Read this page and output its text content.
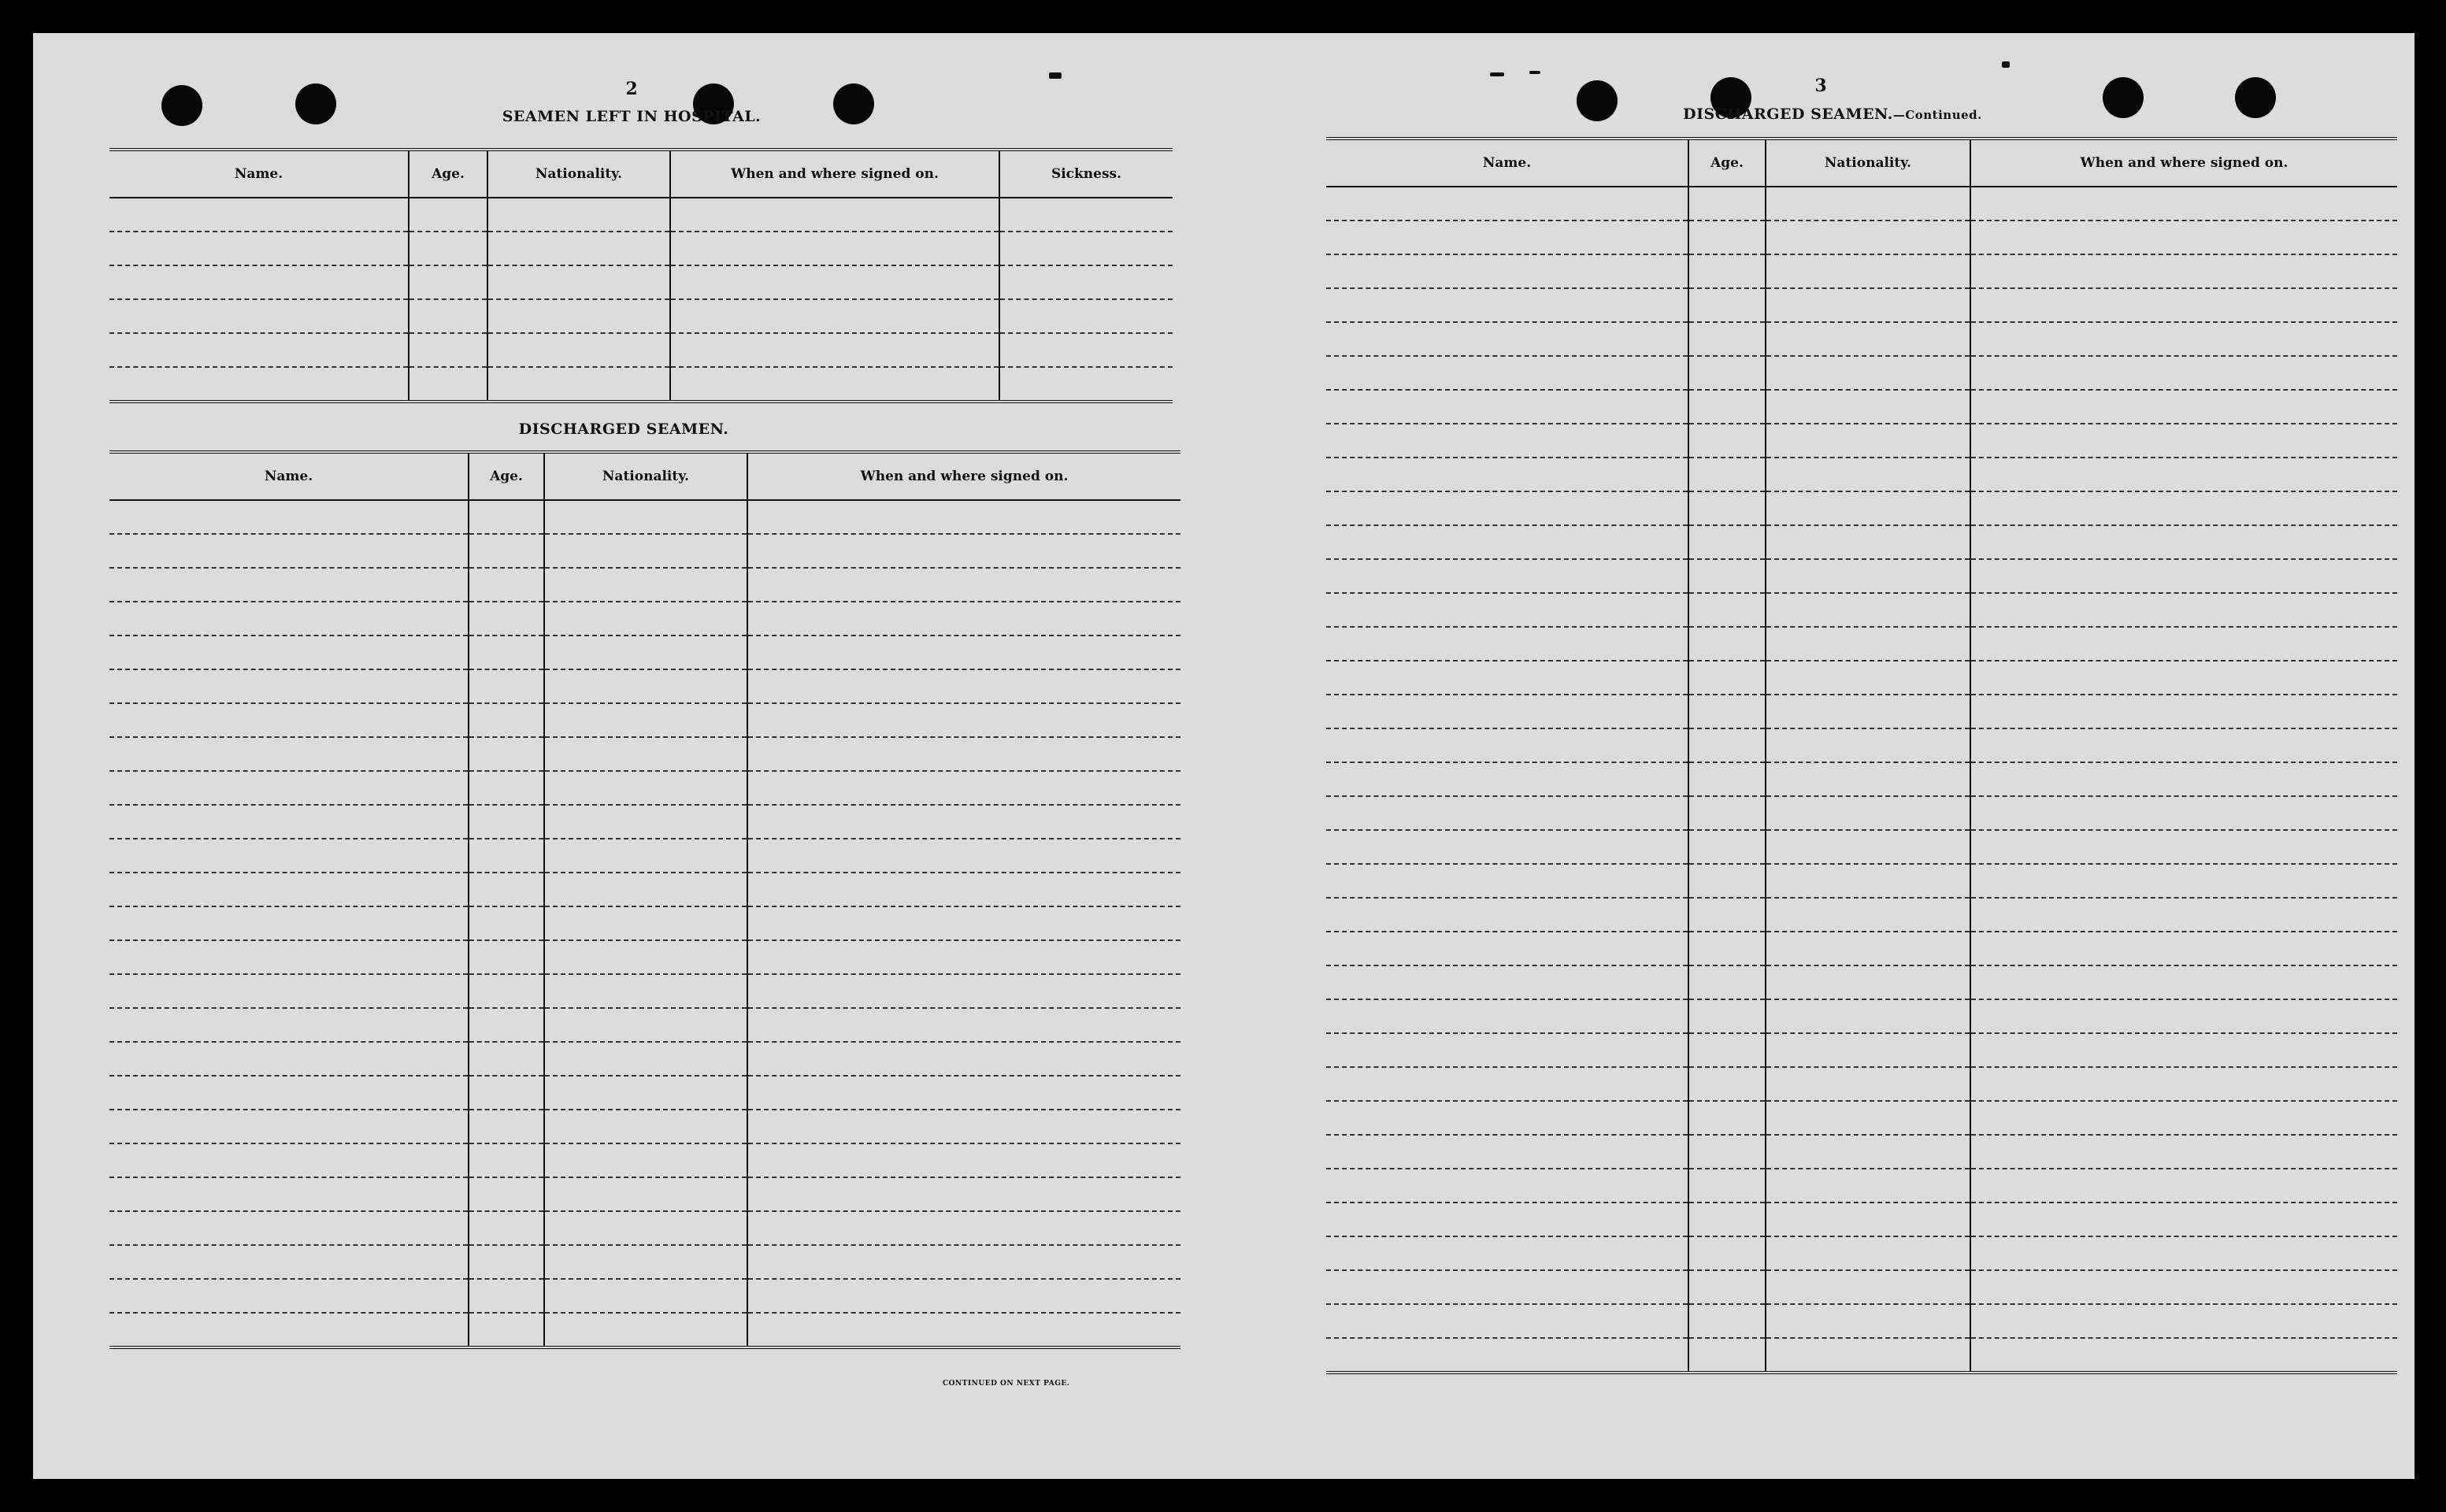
2
SEAMEN LEFT IN HOSPITAL.
Name.	Age.	Nationality.	When and where signed on.	Sickness.

DISCHARGED SEAMEN.
Name.	Age.	Nationality.	When and where signed on.

CONTINUED ON NEXT PAGE.
3
DISCHARGED SEAMEN.—Continued.
Name.	Age.	Nationality.	When and where signed on.
